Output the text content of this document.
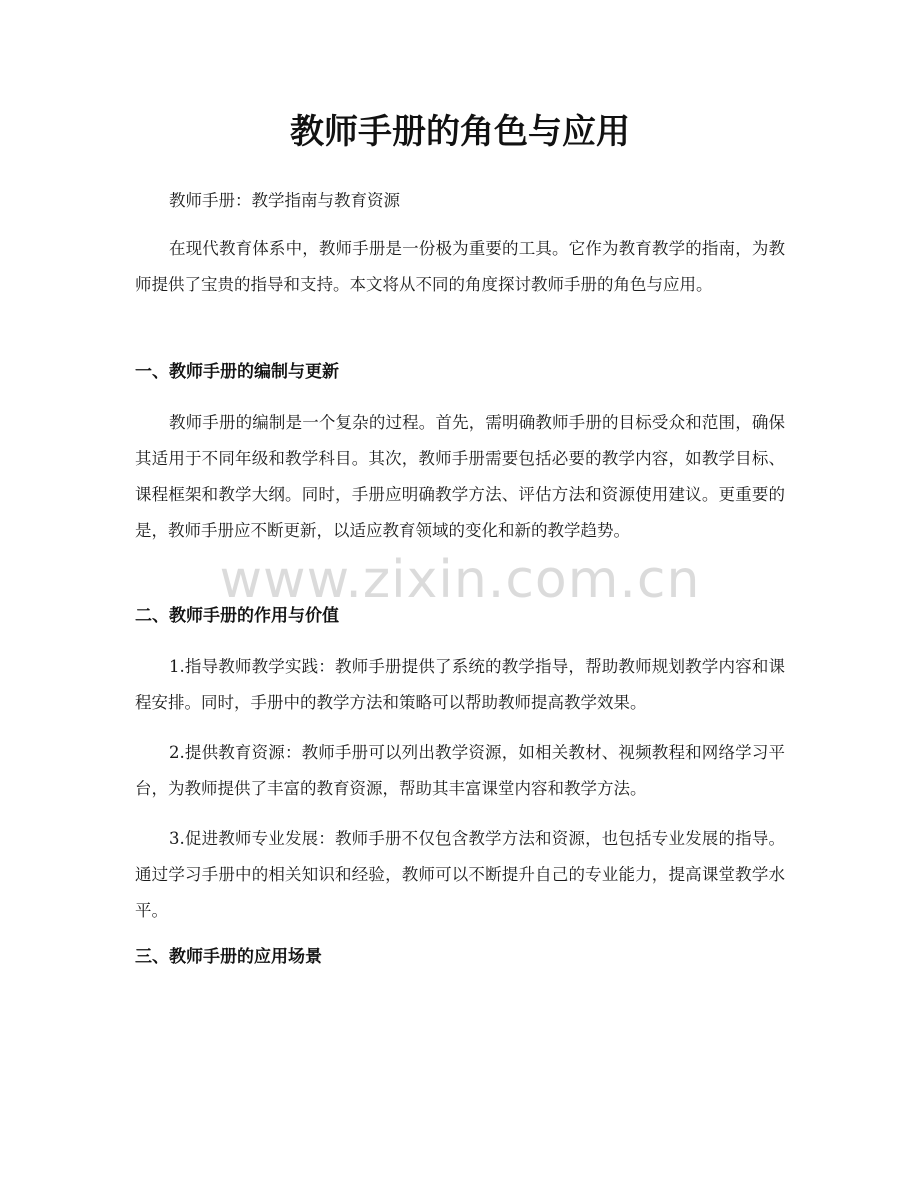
教师手册的角色与应用

教师手册：教学指南与教育资源

在现代教育体系中，教师手册是一份极为重要的工具。它作为教育教学的指南，为教师提供了宝贵的指导和支持。本文将从不同的角度探讨教师手册的角色与应用。

一、教师手册的编制与更新

教师手册的编制是一个复杂的过程。首先，需明确教师手册的目标受众和范围，确保其适用于不同年级和教学科目。其次，教师手册需要包括必要的教学内容，如教学目标、课程框架和教学大纲。同时，手册应明确教学方法、评估方法和资源使用建议。更重要的是，教师手册应不断更新，以适应教育领域的变化和新的教学趋势。

二、教师手册的作用与价值

1.指导教师教学实践：教师手册提供了系统的教学指导，帮助教师规划教学内容和课程安排。同时，手册中的教学方法和策略可以帮助教师提高教学效果。

2.提供教育资源：教师手册可以列出教学资源，如相关教材、视频教程和网络学习平台，为教师提供了丰富的教育资源，帮助其丰富课堂内容和教学方法。

3.促进教师专业发展：教师手册不仅包含教学方法和资源，也包括专业发展的指导。通过学习手册中的相关知识和经验，教师可以不断提升自己的专业能力，提高课堂教学水平。

三、教师手册的应用场景
www.zixin.com.cn
